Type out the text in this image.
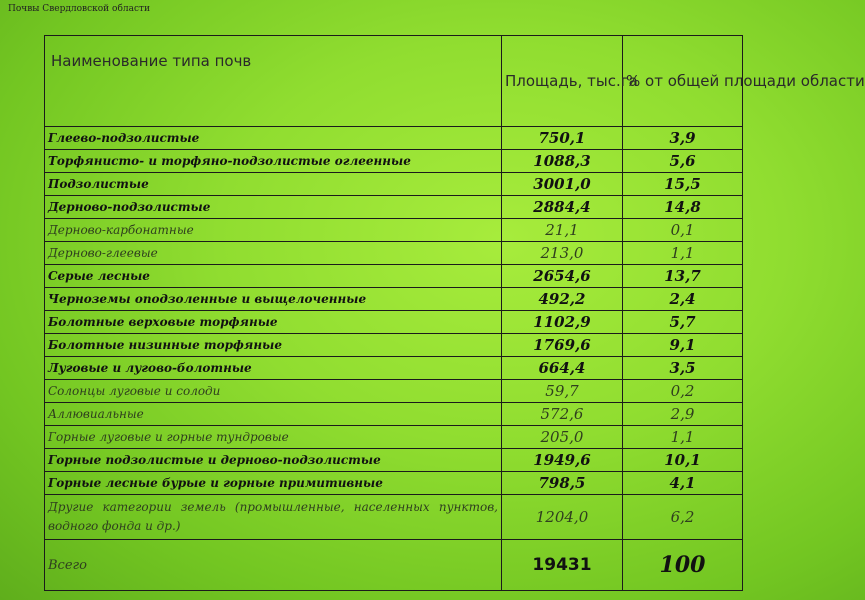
Почвы Свердловской области
Наименование типа почв	Площадь, тыс.га	% от общей площади области
Глеево-подзолистые	750,1	3,9
Торфянисто- и торфяно-подзолистые оглеенные	1088,3	5,6
Подзолистые	3001,0	15,5
Дерново-подзолистые	2884,4	14,8
Дерново-карбонатные	21,1	0,1
Дерново-глеевые	213,0	1,1
Серые лесные	2654,6	13,7
Черноземы оподзоленные и выщелоченные	492,2	2,4
Болотные верховые торфяные	1102,9	5,7
Болотные низинные торфяные	1769,6	9,1
Луговые и лугово-болотные	664,4	3,5
Солонцы луговые и солоди	59,7	0,2
Аллювиальные	572,6	2,9
Горные луговые и горные тундровые	205,0	1,1
Горные подзолистые и дерново-подзолистые	1949,6	10,1
Горные лесные бурые и горные примитивные	798,5	4,1
Другие категории земель (промышленные, населенных пунктов, водного фонда и др.)	1204,0	6,2
Всего	19431	100
